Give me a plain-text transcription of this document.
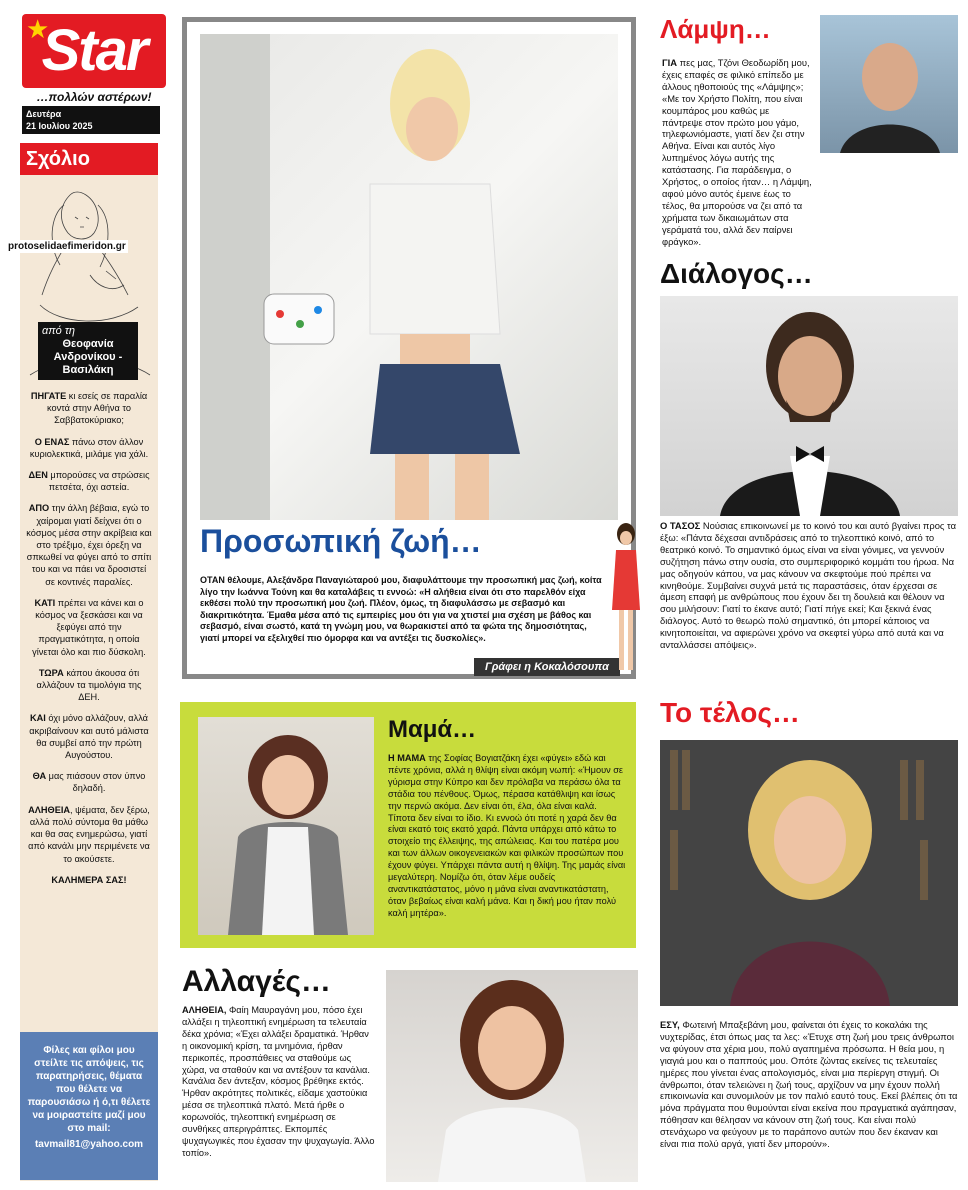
Star
★
…πολλών αστέρων!
Δευτέρα
21 Ιουλίου 2025
Σχόλιο
protoselidaefimeridon.gr
από τη
Θεοφανία Ανδρονίκου - Βασιλάκη

ΠΗΓΑΤΕ κι εσείς σε παραλία κοντά στην Αθήνα το Σαββατοκύριακο;

Ο ΕΝΑΣ πάνω στον άλλον κυριολεκτικά, μιλάμε για χάλι.

ΔΕΝ μπορούσες να στρώσεις πετσέτα, όχι αστεία.

ΑΠΟ την άλλη βέβαια, εγώ το χαίρομαι γιατί δείχνει ότι ο κόσμος μέσα στην ακρίβεια και στο τρέξιμο, έχει όρεξη να σπκωθεί να φύγει από το σπίτι του και να πάει να δροσιστεί σε κοντινές παραλίες.

ΚΑΤΙ πρέπει να κάνει και ο κόσμος να ξεσκάσει και να ξεφύγει από την πραγματικότητα, η οποία γίνεται όλο και πιο δύσκολη.

ΤΩΡΑ κάπου άκουσα ότι αλλάζουν τα τιμολόγια της ΔΕΗ.

ΚΑΙ όχι μόνο αλλάζουν, αλλά ακριβαίνουν και αυτό μάλιστα θα συμβεί από την πρώτη Αυγούστου.

ΘΑ μας πιάσουν στον ύπνο δηλαδή.

ΑΛΗΘΕΙΑ, ψέματα, δεν ξέρω, αλλά πολύ σύντομα θα μάθω και θα σας ενημερώσω, γιατί από κανάλι μην περιμένετε να το ακούσετε.

ΚΑΛΗΜΕΡΑ ΣΑΣ!

Φίλες και φίλοι μου στείλτε τις απόψεις, τις παρατηρήσεις, θέματα που θέλετε να παρουσιάσω ή ό,τι θέλετε να μοιραστείτε μαζί μου στο mail:
tavmail81@yahoo.com
Προσωπική ζωή…
ΟΤΑΝ θέλουμε, Αλεξάνδρα Παναγιώταρού μου, διαφυλάττουμε την προσωπική μας ζωή, κοίτα λίγο την Ιωάννα Τούνη και θα καταλάβεις τι εννοώ: «Η αλήθεια είναι ότι στο παρελθόν είχα εκθέσει πολύ την προσωπική μου ζωή. Πλέον, όμως, τη διαφυλάσσω με σεβασμό και διακριτικότητα. Έμαθα μέσα από τις εμπειρίες μου ότι για να χτιστεί μια σχέση με βάθος και σεβασμό, είναι σωστό, κατά τη γνώμη μου, να θωρακιστεί από τα φώτα της δημοσιότητας, γιατί μπορεί να εξελιχθεί πιο όμορφα και να αντέξει τις δυσκολίες».
Γράφει η Κοκαλόσουπα
Μαμά…
Η ΜΑΜΑ της Σοφίας Βογιατζάκη έχει «φύγει» εδώ και πέντε χρόνια, αλλά η θλίψη είναι ακόμη νωπή: «Ήμουν σε γύρισμα στην Κύπρο και δεν πρόλαβα να περάσω όλα τα στάδια του πένθους. Όμως, πέρασα κατάθλιψη και ίσως την περνώ ακόμα. Δεν είναι ότι, έλα, όλα είναι καλά. Τίποτα δεν είναι το ίδιο. Κι εννοώ ότι ποτέ η χαρά δεν θα είναι εκατό τοις εκατό χαρά. Πάντα υπάρχει από κάτω το στοιχείο της έλλειψης, της απώλειας. Και του πατέρα μου και των άλλων οικογενειακών και φιλικών προσώπων που έχουν φύγει. Υπάρχει πάντα αυτή η θλίψη. Της μαμάς είναι μεγαλύτερη. Νομίζω ότι, όταν λέμε ουδείς αναντικατάστατος, μόνο η μάνα είναι αναντικατάστατη, όταν βεβαίως είναι καλή μάνα. Και η δική μου ήταν πολύ καλή μητέρα».
Αλλαγές…
ΑΛΗΘΕΙΑ, Φαίη Μαυραγάνη μου, πόσο έχει αλλάξει η τηλεοπτική ενημέρωση τα τελευταία δέκα χρόνια; «Έχει αλλάξει δραματικά. Ήρθαν η οικονομική κρίση, τα μνημόνια, ήρθαν περικοπές, προσπάθειες να σταθούμε ως χώρα, να σταθούν και να αντέξουν τα κανάλια. Κανάλια δεν άντεξαν, κόσμος βρέθηκε εκτός. Ήρθαν ακρότητες πολιτικές, είδαμε χαστούκια μέσα σε τηλεοπτικά πλατό. Μετά ήρθε ο κορωνοϊός, τηλεοπτική ενημέρωση σε συνθήκες απεριγράπτες. Εκπομπές ψυχαγωγικές που έχασαν την ψυχαγωγία. Άλλο τοπίο».
Λάμψη…
ΓΙΑ πες μας, Τζόνι Θεοδωρίδη μου, έχεις επαφές σε φιλικό επίπεδο με άλλους ηθοποιούς της «Λάμψης»; «Με τον Χρήστο Πολίτη, που είναι κουμπάρος μου καθώς με πάντρεψε στον πρώτο μου γάμο, τηλεφωνιόμαστε, γιατί δεν ζει στην Αθήνα. Είναι και αυτός λίγο λυπημένος λόγω αυτής της κατάστασης. Για παράδειγμα, ο Χρήστος, ο οποίος ήταν… η Λάμψη, αφού μόνο αυτός έμεινε έως το τέλος, θα μπορούσε να ζει από τα χρήματα των δικαιωμάτων στα γεράματά του, αλλά δεν παίρνει φράγκο».
Διάλογος…
Ο ΤΑΣΟΣ Νούσιας επικοινωνεί με το κοινό του και αυτό βγαίνει προς τα έξω: «Πάντα δέχεσαι αντιδράσεις από το τηλεοπτικό κοινό, από το θεατρικό κοινό. Το σημαντικό όμως είναι να είναι γόνιμες, να γεννούν συζήτηση πάνω στην ουσία, στο συμπεριφορικό κομμάτι του ήρωα. Να μας οδηγούν κάπου, να μας κάνουν να σκεφτούμε πού πρέπει να κινηθούμε. Συμβαίνει συχνά μετά τις παραστάσεις, όταν έρχεσαι σε άμεση επαφή με ανθρώπους που έχουν δει τη δουλειά και θέλουν να σου μιλήσουν: Γιατί το έκανε αυτό; Γιατί πήγε εκεί; Και ξεκινά ένας διάλογος. Αυτό το θεωρώ πολύ σημαντικό, ότι μπορεί κάποιος να κινητοποιείται, να αφιερώνει χρόνο να σκεφτεί γύρω από αυτά και να ανταλλάσσει απόψεις».
Το τέλος…
ΕΣΥ, Φωτεινή Μπαξεβάνη μου, φαίνεται ότι έχεις το κοκαλάκι της νυχτερίδας, έτσι όπως μας τα λες: «Έτυχε στη ζωή μου τρεις άνθρωποι να φύγουν στα χέρια μου, πολύ αγαπημένα πρόσωπα. Η θεία μου, η γιαγιά μου και ο παππούς μου. Οπότε ζώντας εκείνες τις τελευταίες ημέρες που γίνεται ένας απολογισμός, είναι μια περίεργη στιγμή. Οι άνθρωποι, όταν τελειώνει η ζωή τους, αρχίζουν να μην έχουν πολλή επικοινωνία και συνομιλούν με τον παλιό εαυτό τους. Εκεί βλέπεις ότι τα μόνα πράγματα που θυμούνται είναι εκείνα που πραγματικά αγάπησαν, πόθησαν και θέλησαν να κάνουν στη ζωή τους. Και είναι πολύ στενάχωρο να φεύγουν με το παράπονο αυτών που δεν έκαναν και είναι πια πολύ αργά, γιατί δεν μπορούν».
